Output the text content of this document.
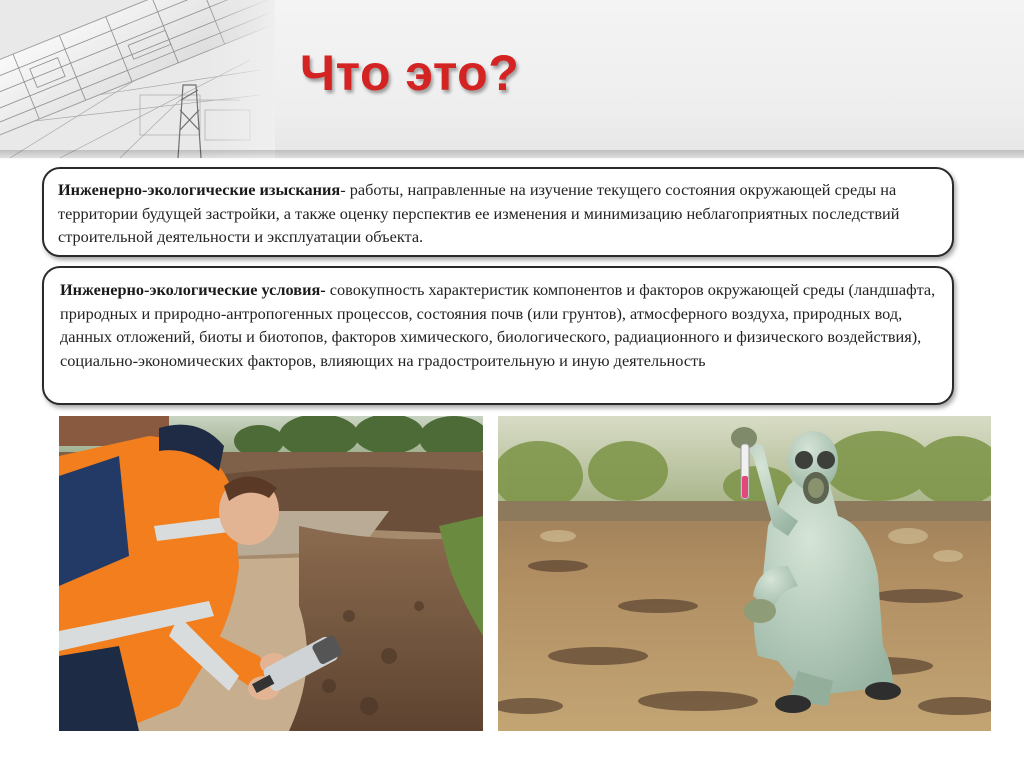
Что это?
Инженерно-экологические изыскания- работы, направленные на изучение текущего состояния окружающей среды на территории будущей застройки, а также оценку перспектив ее изменения и минимизацию неблагоприятных последствий строительной деятельности и эксплуатации объекта.
Инженерно-экологические условия- совокупность характеристик компонентов и факторов окружающей среды (ландшафта, природных и природно-антропогенных процессов, состояния почв (или грунтов), атмосферного воздуха, природных вод, данных отложений, биоты и биотопов, факторов химического, биологического, радиационного и физического воздействия), социально-экономических факторов, влияющих на градостроительную и иную деятельность
